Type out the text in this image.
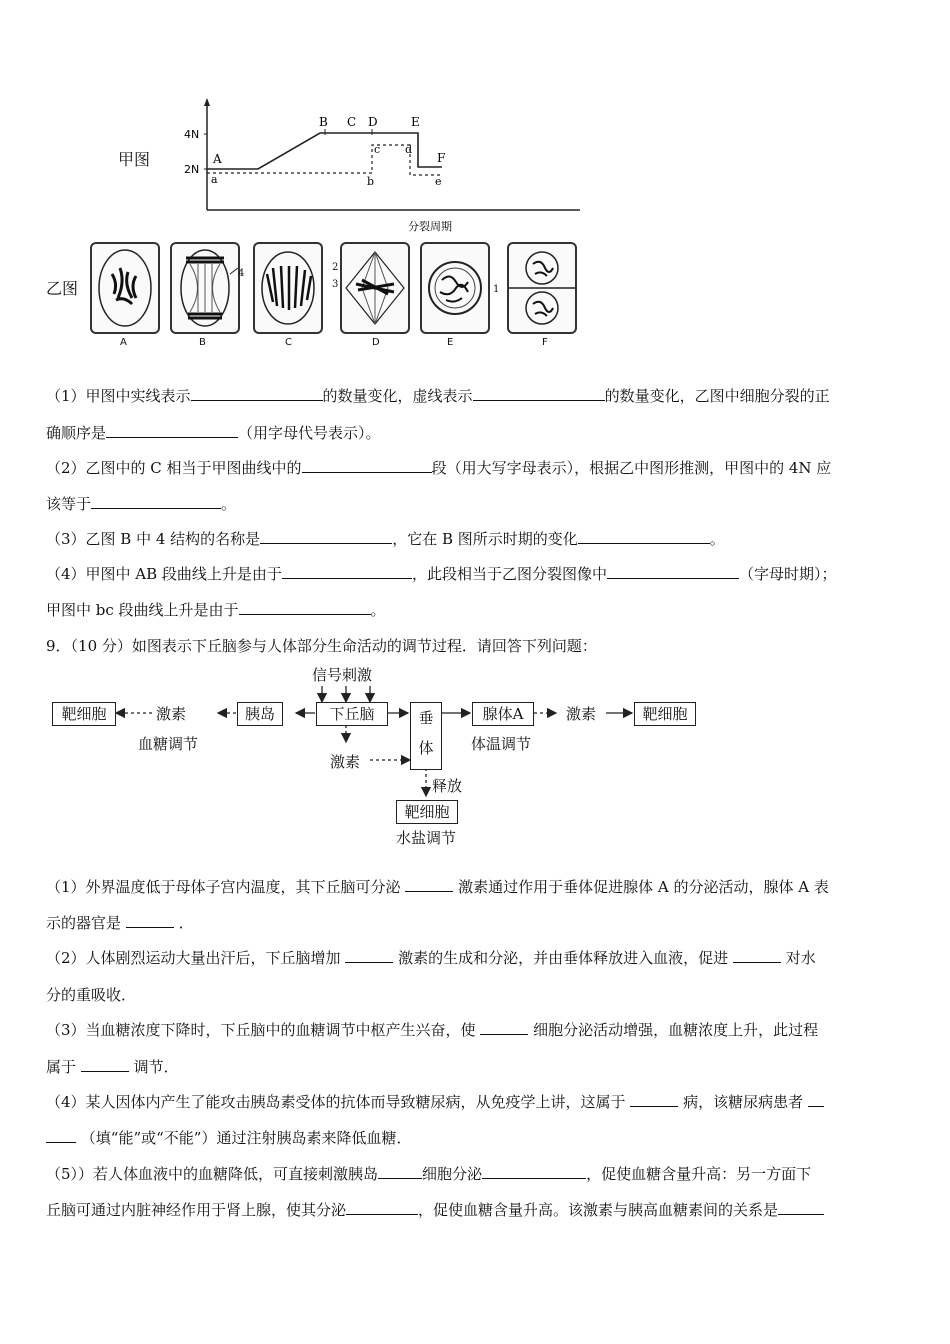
甲图
4N
2N
A
B C D	E
F
a	b
c d
e
分裂周期
乙图
A
4
B	C
2
3
D
1
E	F
（1）甲图中实线表示	的数量变化，虚线表示	的数量变化，乙图中细胞分裂的正
确顺序是	（用字母代号表示）。
（2）乙图中的 C 相当于甲图曲线中的	段（用大写字母表示），根据乙中图形推测，甲图中的 4N 应
该等于	。
（3）乙图 B 中 4 结构的名称是	，它在 B 图所示时期的变化	。
（4）甲图中 AB 段曲线上升是由于	，此段相当于乙图分裂图像中	（字母时期）；
甲图中 bc 段曲线上升是由于	。
9．（10 分）如图表示下丘脑参与人体部分生命活动的调节过程．请回答下列问题：
信号刺激
下丘脑
胰岛
激素
靶细胞
血糖调节
垂
体
腺体A
体温调节
激素	靶细胞
激素
释放
靶细胞
水盐调节
（1）外界温度低于母体子宫内温度，其下丘脑可分泌	激素通过作用于垂体促进腺体 A 的分泌活动，腺体 A 表
示的器官是	．
（2）人体剧烈运动大量出汗后，下丘脑增加	激素的生成和分泌，并由垂体释放进入血液，促进	对水
分的重吸收．
（3）当血糖浓度下降时，下丘脑中的血糖调节中枢产生兴奋，使	细胞分泌活动增强，血糖浓度上升，此过程
属于	调节．
（4）某人因体内产生了能攻击胰岛素受体的抗体而导致糖尿病，从免疫学上讲，这属于	病，该糖尿病患者
（填“能”或“不能”）通过注射胰岛素来降低血糖．
（5））若人体血液中的血糖降低，可直接刺激胰岛	细胞分泌	，促使血糖含量升高：另一方面下
丘脑可通过内脏神经作用于肾上腺，使其分泌	，促使血糖含量升高。该激素与胰高血糖素间的关系是
